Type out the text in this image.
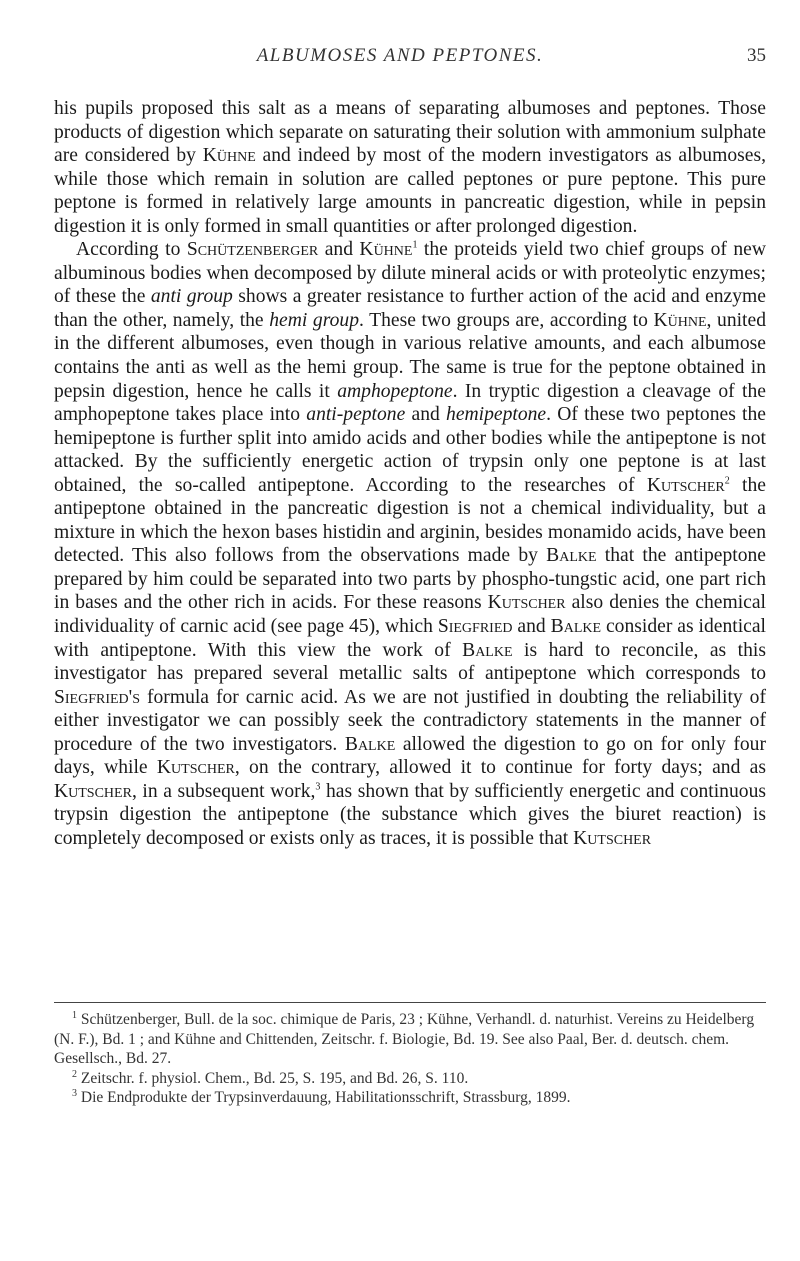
ALBUMOSES AND PEPTONES.	35

his pupils proposed this salt as a means of separating albumoses and peptones. Those products of digestion which separate on saturating their solution with ammonium sulphate are considered by Kühne and indeed by most of the modern investigators as albumoses, while those which remain in solution are called peptones or pure peptone. This pure peptone is formed in relatively large amounts in pancreatic digestion, while in pepsin digestion it is only formed in small quantities or after prolonged digestion.

According to Schützenberger and Kühne$^1$ the proteids yield two chief groups of new albuminous bodies when decomposed by dilute mineral acids or with proteolytic enzymes; of these the anti group shows a greater resistance to further action of the acid and enzyme than the other, namely, the hemi group. These two groups are, according to Kühne, united in the different albumoses, even though in various relative amounts, and each albumose contains the anti as well as the hemi group. The same is true for the peptone obtained in pepsin digestion, hence he calls it amphopeptone. In tryptic digestion a cleavage of the amphopeptone takes place into anti-peptone and hemipeptone. Of these two peptones the hemipeptone is further split into amido acids and other bodies while the antipeptone is not attacked. By the sufficiently energetic action of trypsin only one peptone is at last obtained, the so-called antipeptone. According to the researches of Kutscher$^2$ the antipeptone obtained in the pancreatic digestion is not a chemical individuality, but a mixture in which the hexon bases histidin and arginin, besides monamido acids, have been detected. This also follows from the observations made by Balke that the antipeptone prepared by him could be separated into two parts by phospho-tungstic acid, one part rich in bases and the other rich in acids. For these reasons Kutscher also denies the chemical individuality of carnic acid (see page 45), which Siegfried and Balke consider as identical with antipeptone. With this view the work of Balke is hard to reconcile, as this investigator has prepared several metallic salts of antipeptone which corresponds to Siegfried's formula for carnic acid. As we are not justified in doubting the reliability of either investigator we can possibly seek the contradictory statements in the manner of procedure of the two investigators. Balke allowed the digestion to go on for only four days, while Kutscher, on the contrary, allowed it to continue for forty days; and as Kutscher, in a subsequent work,$^3$ has shown that by sufficiently energetic and continuous trypsin digestion the antipeptone (the substance which gives the biuret reaction) is completely decomposed or exists only as traces, it is possible that Kutscher

$^1$ Schützenberger, Bull. de la soc. chimique de Paris, 23 ; Kühne, Verhandl. d. naturhist. Vereins zu Heidelberg (N. F.), Bd. 1 ; and Kühne and Chittenden, Zeitschr. f. Biologie, Bd. 19. See also Paal, Ber. d. deutsch. chem. Gesellsch., Bd. 27.

$^2$ Zeitschr. f. physiol. Chem., Bd. 25, S. 195, and Bd. 26, S. 110.

$^3$ Die Endprodukte der Trypsinverdauung, Habilitationsschrift, Strassburg, 1899.
